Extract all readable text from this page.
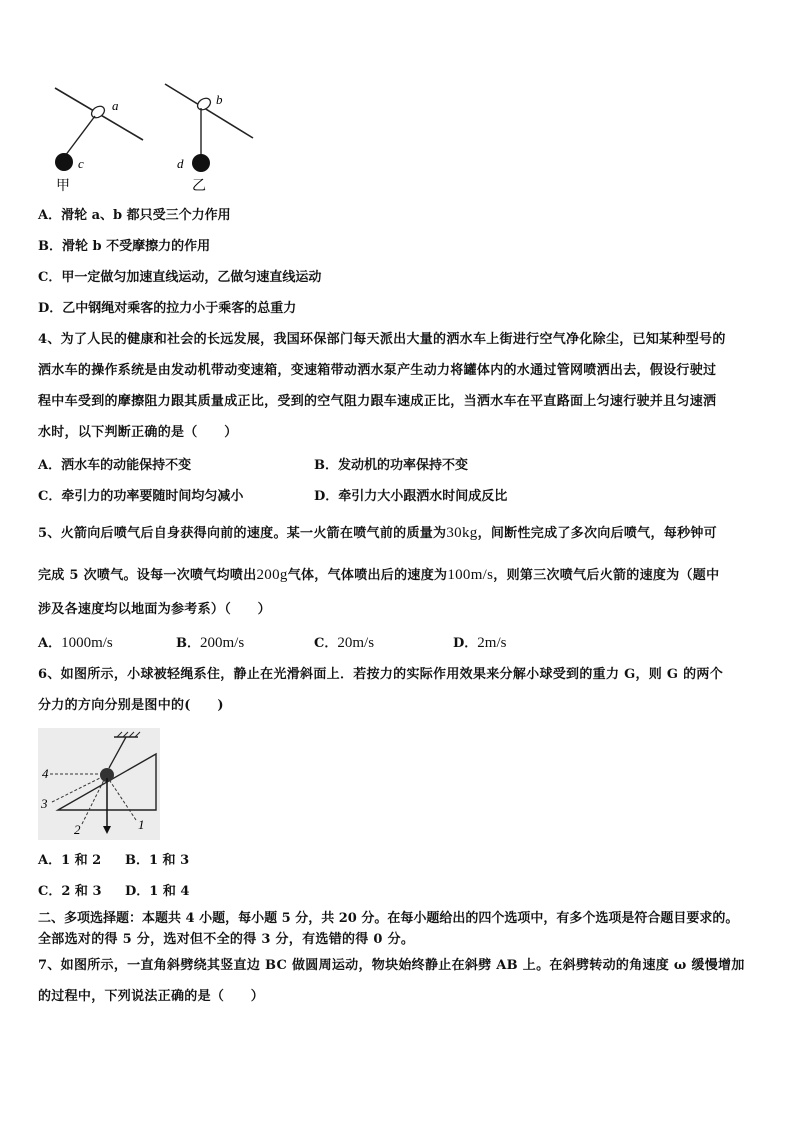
a
c
甲
b
d
乙
A．滑轮 a、b 都只受三个力作用
B．滑轮 b 不受摩擦力的作用
C．甲一定做匀加速直线运动，乙做匀速直线运动
D．乙中钢绳对乘客的拉力小于乘客的总重力
4、为了人民的健康和社会的长远发展，我国环保部门每天派出大量的洒水车上街进行空气净化除尘，已知某种型号的
洒水车的操作系统是由发动机带动变速箱，变速箱带动洒水泵产生动力将罐体内的水通过管网喷洒出去，假设行驶过
程中车受到的摩擦阻力跟其质量成正比，受到的空气阻力跟车速成正比，当洒水车在平直路面上匀速行驶并且匀速洒
水时，以下判断正确的是（　　）
A．洒水车的动能保持不变	B．发动机的功率保持不变
C．牵引力的功率要随时间均匀减小	D．牵引力大小跟洒水时间成反比
5、火箭向后喷气后自身获得向前的速度。某一火箭在喷气前的质量为30kg，间断性完成了多次向后喷气，每秒钟可
完成 5 次喷气。设每一次喷气均喷出200g气体，气体喷出后的速度为100m/s，则第三次喷气后火箭的速度为（题中
涉及各速度均以地面为参考系）（　　）
A．1000m/s	B．200m/s	C．20m/s	D．2m/s
6、如图所示，小球被轻绳系住，静止在光滑斜面上．若按力的实际作用效果来分解小球受到的重力 G，则 G 的两个
分力的方向分别是图中的(　　)
4
3
2	1
A．1 和 2 B．1 和 3
C．2 和 3 D．1 和 4
二、多项选择题：本题共 4 小题，每小题 5 分，共 20 分。在每小题给出的四个选项中，有多个选项是符合题目要求的。
全部选对的得 5 分，选对但不全的得 3 分，有选错的得 0 分。
7、如图所示，一直角斜劈绕其竖直边 BC 做圆周运动，物块始终静止在斜劈 AB 上。在斜劈转动的角速度 ω 缓慢增加
的过程中，下列说法正确的是（　　）
